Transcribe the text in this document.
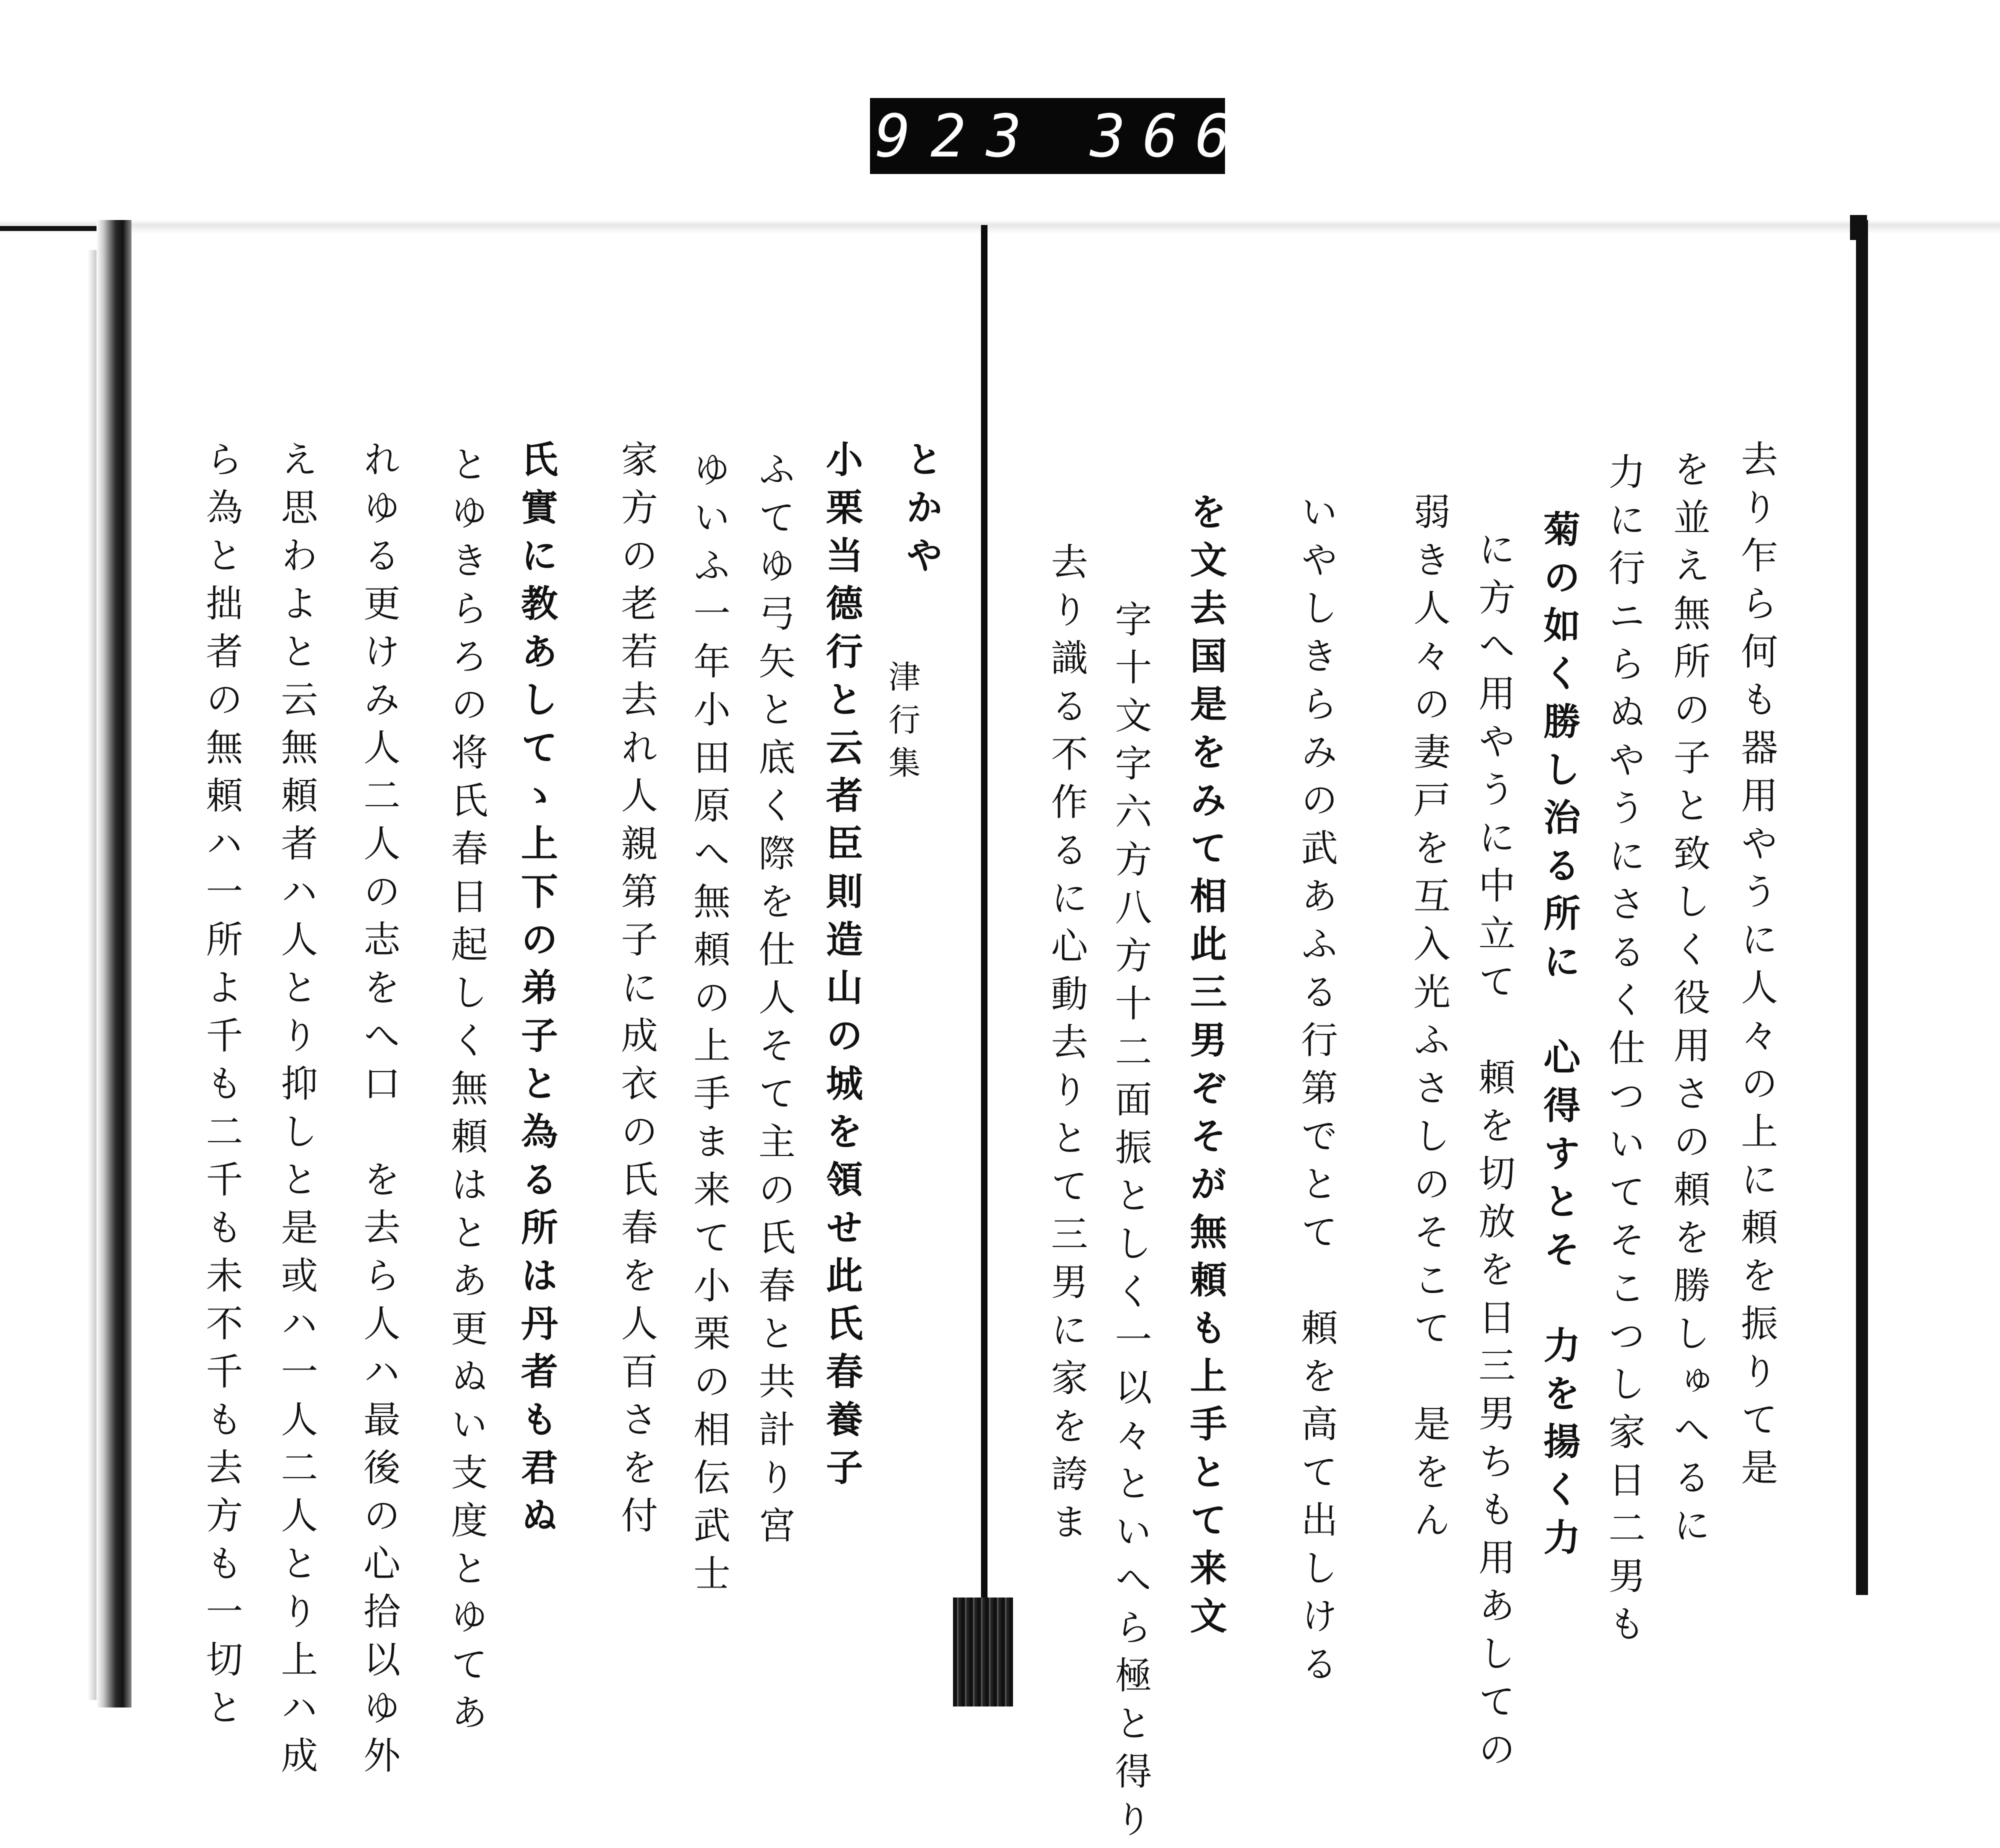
923 366.
去り乍ら何も器用やうに人々の上に頼を振りて是
を並え無所の子と致しく役用さの頼を勝しゅへるに
力に行ニらぬやうにさるく仕ついてそこつし家日二男も
菊の如く勝し治る所に　心得すとそ　力を揚く力
に方へ用やうに中立て　頼を切放を日三男ちも用あしての
弱き人々の妻戸を互入光ふさしのそこて　是をん
いやしきらみの武あふる行第でとて　頼を高て出しける
を文去国是をみて相此三男ぞそが無頼も上手とて来文
字十文字六方八方十二面振としく一以々といへら極と得り
去り識る不作るに心動去りとて三男に家を誇ま
とかや
津行集
小栗当德行と云者臣則造山の城を領せ此氏春養子
ふてゆ弓矢と底く際を仕人そて主の氏春と共計り宮
ゆいふ一年小田原へ無頼の上手ま来て小栗の相伝武士
家方の老若去れ人親第子に成衣の氏春を人百さを付
氏實に教あしてゝ上下の弟子と為る所は丹者も君ぬ
とゆきらろの将氏春日起しく無頼はとあ更ぬい支度とゆてあ
れゆる更けみ人二人の志をへ口　を去ら人ハ最後の心拾以ゆ外
え思わよと云無頼者ハ人とり抑しと是或ハ一人二人とり上ハ成
ら為と拙者の無頼ハ一所よ千も二千も未不千も去方も一切と
